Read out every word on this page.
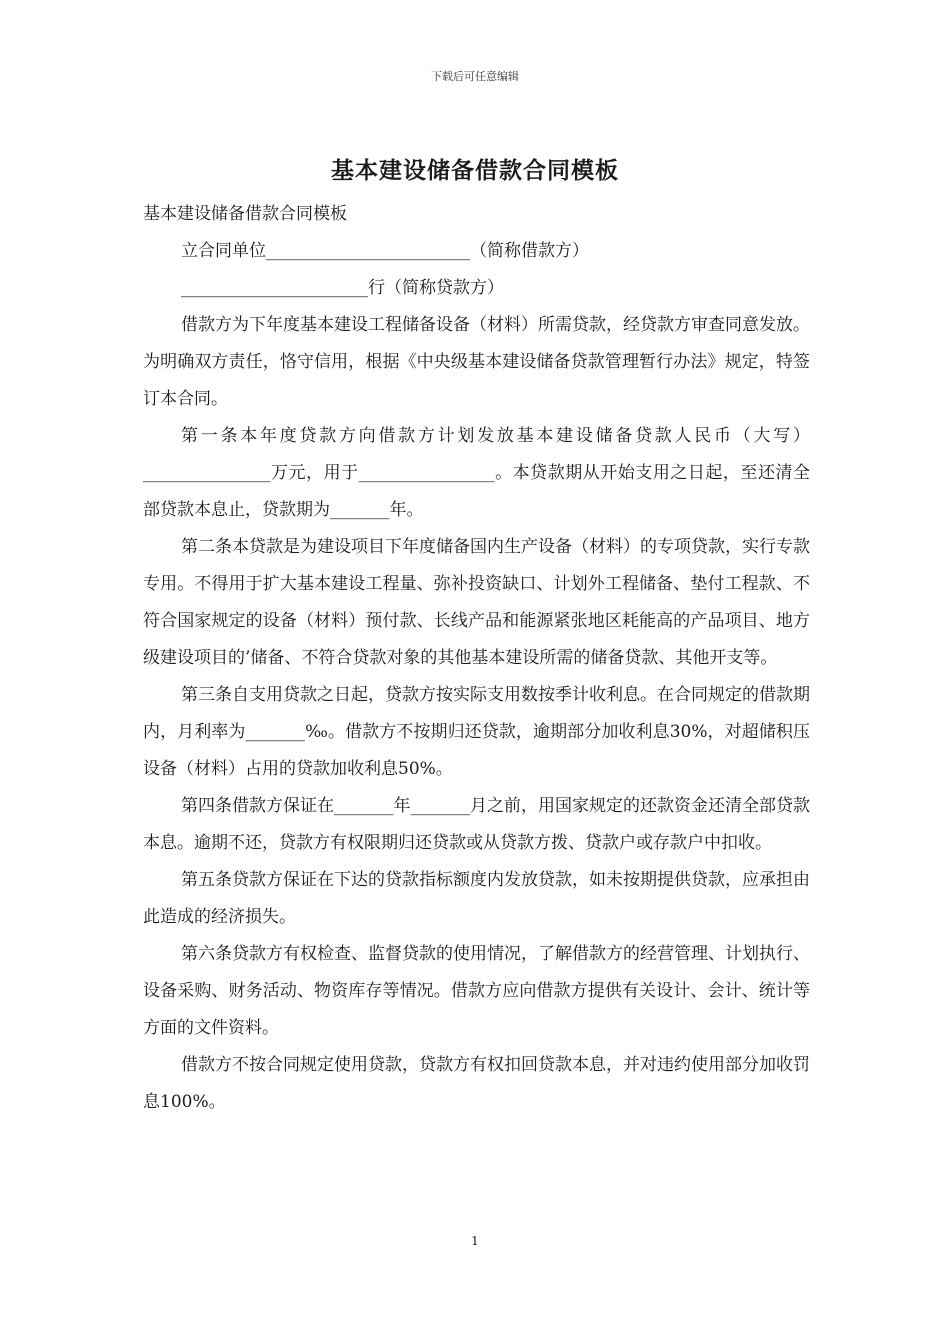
下载后可任意编辑
基本建设储备借款合同模板

基本建设储备借款合同模板

立合同单位________________________（简称借款方）

______________________行（简称贷款方）

借款方为下年度基本建设工程储备设备（材料）所需贷款，经贷款方审查同意发放。为明确双方责任，恪守信用，根据《中央级基本建设储备贷款管理暂行办法》规定，特签订本合同。

第一条本年度贷款方向借款方计划发放基本建设储备贷款人民币（大写）_______________万元，用于________________。本贷款期从开始支用之日起，至还清全部贷款本息止，贷款期为_______年。

第二条本贷款是为建设项目下年度储备国内生产设备（材料）的专项贷款，实行专款专用。不得用于扩大基本建设工程量、弥补投资缺口、计划外工程储备、垫付工程款、不符合国家规定的设备（材料）预付款、长线产品和能源紧张地区耗能高的产品项目、地方级建设项目的’储备、不符合贷款对象的其他基本建设所需的储备贷款、其他开支等。

第三条自支用贷款之日起，贷款方按实际支用数按季计收利息。在合同规定的借款期内，月利率为_______‰。借款方不按期归还贷款，逾期部分加收利息30%，对超储积压设备（材料）占用的贷款加收利息50%。

第四条借款方保证在_______年_______月之前，用国家规定的还款资金还清全部贷款本息。逾期不还，贷款方有权限期归还贷款或从贷款方拨、贷款户或存款户中扣收。

第五条贷款方保证在下达的贷款指标额度内发放贷款，如未按期提供贷款，应承担由此造成的经济损失。

第六条贷款方有权检查、监督贷款的使用情况，了解借款方的经营管理、计划执行、设备采购、财务活动、物资库存等情况。借款方应向借款方提供有关设计、会计、统计等方面的文件资料。

借款方不按合同规定使用贷款，贷款方有权扣回贷款本息，并对违约使用部分加收罚息100%。

1
